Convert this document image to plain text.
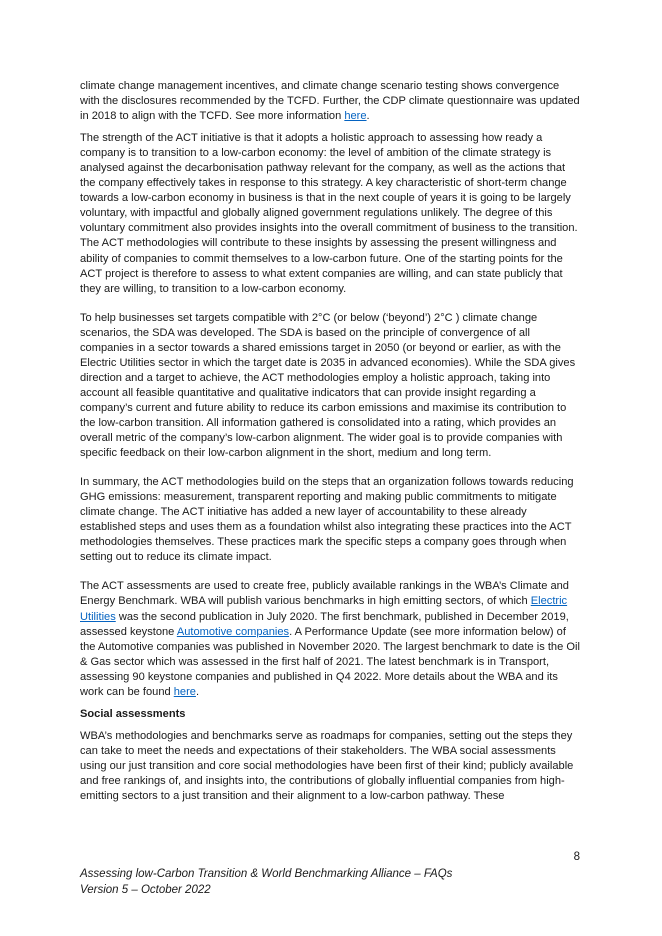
climate change management incentives, and climate change scenario testing shows convergence with the disclosures recommended by the TCFD. Further, the CDP climate questionnaire was updated in 2018 to align with the TCFD. See more information here.

The strength of the ACT initiative is that it adopts a holistic approach to assessing how ready a company is to transition to a low-carbon economy: the level of ambition of the climate strategy is analysed against the decarbonisation pathway relevant for the company, as well as the actions that the company effectively takes in response to this strategy. A key characteristic of short-term change towards a low-carbon economy in business is that in the next couple of years it is going to be largely voluntary, with impactful and globally aligned government regulations unlikely. The degree of this voluntary commitment also provides insights into the overall commitment of business to the transition. The ACT methodologies will contribute to these insights by assessing the present willingness and ability of companies to commit themselves to a low-carbon future. One of the starting points for the ACT project is therefore to assess to what extent companies are willing, and can state publicly that they are willing, to transition to a low-carbon economy.

To help businesses set targets compatible with 2°C (or below (‘beyond’) 2°C ) climate change scenarios, the SDA was developed. The SDA is based on the principle of convergence of all companies in a sector towards a shared emissions target in 2050 (or beyond or earlier, as with the Electric Utilities sector in which the target date is 2035 in advanced economies). While the SDA gives direction and a target to achieve, the ACT methodologies employ a holistic approach, taking into account all feasible quantitative and qualitative indicators that can provide insight regarding a company’s current and future ability to reduce its carbon emissions and maximise its contribution to the low-carbon transition. All information gathered is consolidated into a rating, which provides an overall metric of the company’s low-carbon alignment. The wider goal is to provide companies with specific feedback on their low-carbon alignment in the short, medium and long term.

In summary, the ACT methodologies build on the steps that an organization follows towards reducing GHG emissions: measurement, transparent reporting and making public commitments to mitigate climate change. The ACT initiative has added a new layer of accountability to these already established steps and uses them as a foundation whilst also integrating these practices into the ACT methodologies themselves. These practices mark the specific steps a company goes through when setting out to reduce its climate impact.

The ACT assessments are used to create free, publicly available rankings in the WBA’s Climate and Energy Benchmark. WBA will publish various benchmarks in high emitting sectors, of which Electric Utilities was the second publication in July 2020. The first benchmark, published in December 2019, assessed keystone Automotive companies. A Performance Update (see more information below) of the Automotive companies was published in November 2020. The largest benchmark to date is the Oil & Gas sector which was assessed in the first half of 2021. The latest benchmark is in Transport, assessing 90 keystone companies and published in Q4 2022. More details about the WBA and its work can be found here.

Social assessments

WBA’s methodologies and benchmarks serve as roadmaps for companies, setting out the steps they can take to meet the needs and expectations of their stakeholders. The WBA social assessments using our just transition and core social methodologies have been first of their kind; publicly available and free rankings of, and insights into, the contributions of globally influential companies from high-emitting sectors to a just transition and their alignment to a low-carbon pathway. These

8
Assessing low-Carbon Transition & World Benchmarking Alliance – FAQs
Version 5 – October 2022
